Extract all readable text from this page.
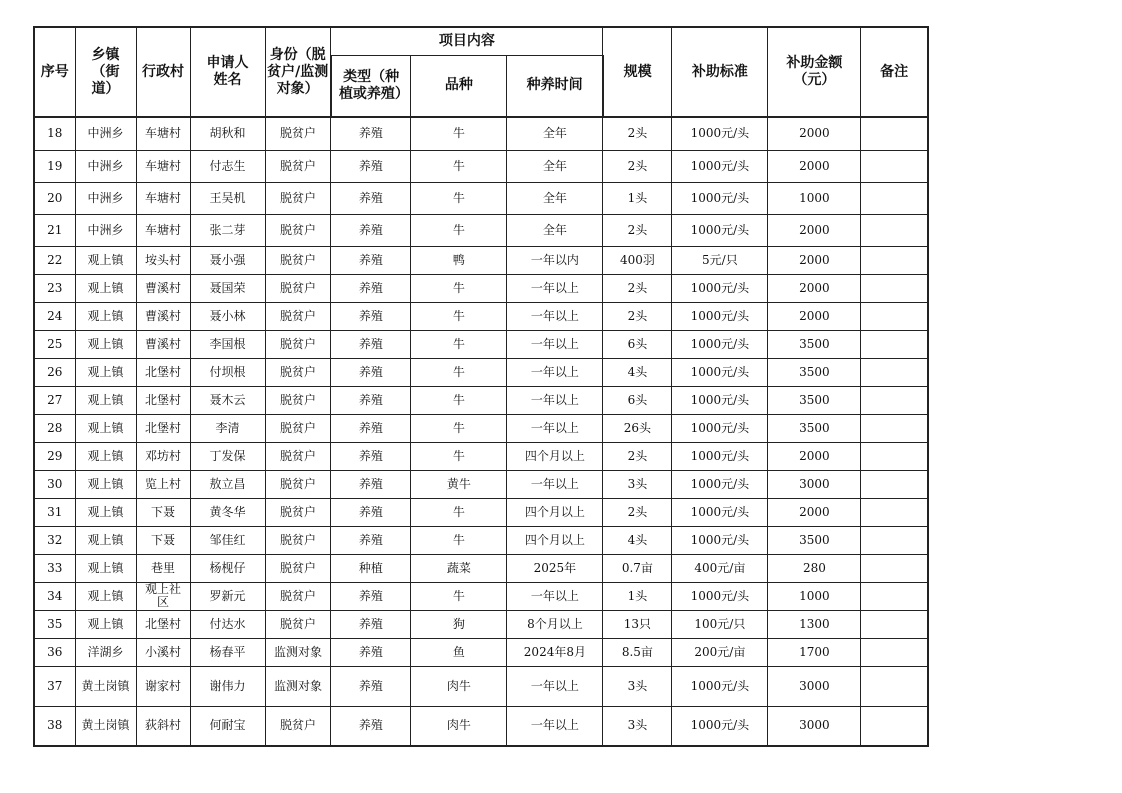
序号	乡镇（街道）	行政村	申请人姓名	身份（脱贫户/监测对象）	项目内容			规模	补助标准	补助金额（元）	备注
					类型（种植或养殖）	品种	种养时间				
18	中洲乡	车塘村	胡秋和	脱贫户	养殖	牛	全年	2头	1000元/头	2000	
19	中洲乡	车塘村	付志生	脱贫户	养殖	牛	全年	2头	1000元/头	2000	
20	中洲乡	车塘村	王吴机	脱贫户	养殖	牛	全年	1头	1000元/头	1000	
21	中洲乡	车塘村	张二芽	脱贫户	养殖	牛	全年	2头	1000元/头	2000	
22	观上镇	垵头村	聂小强	脱贫户	养殖	鸭	一年以内	400羽	5元/只	2000	
23	观上镇	曹溪村	聂国荣	脱贫户	养殖	牛	一年以上	2头	1000元/头	2000	
24	观上镇	曹溪村	聂小林	脱贫户	养殖	牛	一年以上	2头	1000元/头	2000	
25	观上镇	曹溪村	李国根	脱贫户	养殖	牛	一年以上	6头	1000元/头	3500	
26	观上镇	北堡村	付坝根	脱贫户	养殖	牛	一年以上	4头	1000元/头	3500	
27	观上镇	北堡村	聂木云	脱贫户	养殖	牛	一年以上	6头	1000元/头	3500	
28	观上镇	北堡村	李清	脱贫户	养殖	牛	一年以上	26头	1000元/头	3500	
29	观上镇	邓坊村	丁发保	脱贫户	养殖	牛	四个月以上	2头	1000元/头	2000	
30	观上镇	览上村	敖立昌	脱贫户	养殖	黄牛	一年以上	3头	1000元/头	3000	
31	观上镇	下聂	黄冬华	脱贫户	养殖	牛	四个月以上	2头	1000元/头	2000	
32	观上镇	下聂	邹佳红	脱贫户	养殖	牛	四个月以上	4头	1000元/头	3500	
33	观上镇	巷里	杨枧仔	脱贫户	种植	蔬菜	2025年	0.7亩	400元/亩	280	
34	观上镇	观上社区	罗新元	脱贫户	养殖	牛	一年以上	1头	1000元/头	1000	
35	观上镇	北堡村	付达水	脱贫户	养殖	狗	8个月以上	13只	100元/只	1300	
36	洋湖乡	小溪村	杨春平	监测对象	养殖	鱼	2024年8月	8.5亩	200元/亩	1700	
37	黄土岗镇	谢家村	谢伟力	监测对象	养殖	肉牛	一年以上	3头	1000元/头	3000	
38	黄土岗镇	荻斜村	何耐宝	脱贫户	养殖	肉牛	一年以上	3头	1000元/头	3000	
